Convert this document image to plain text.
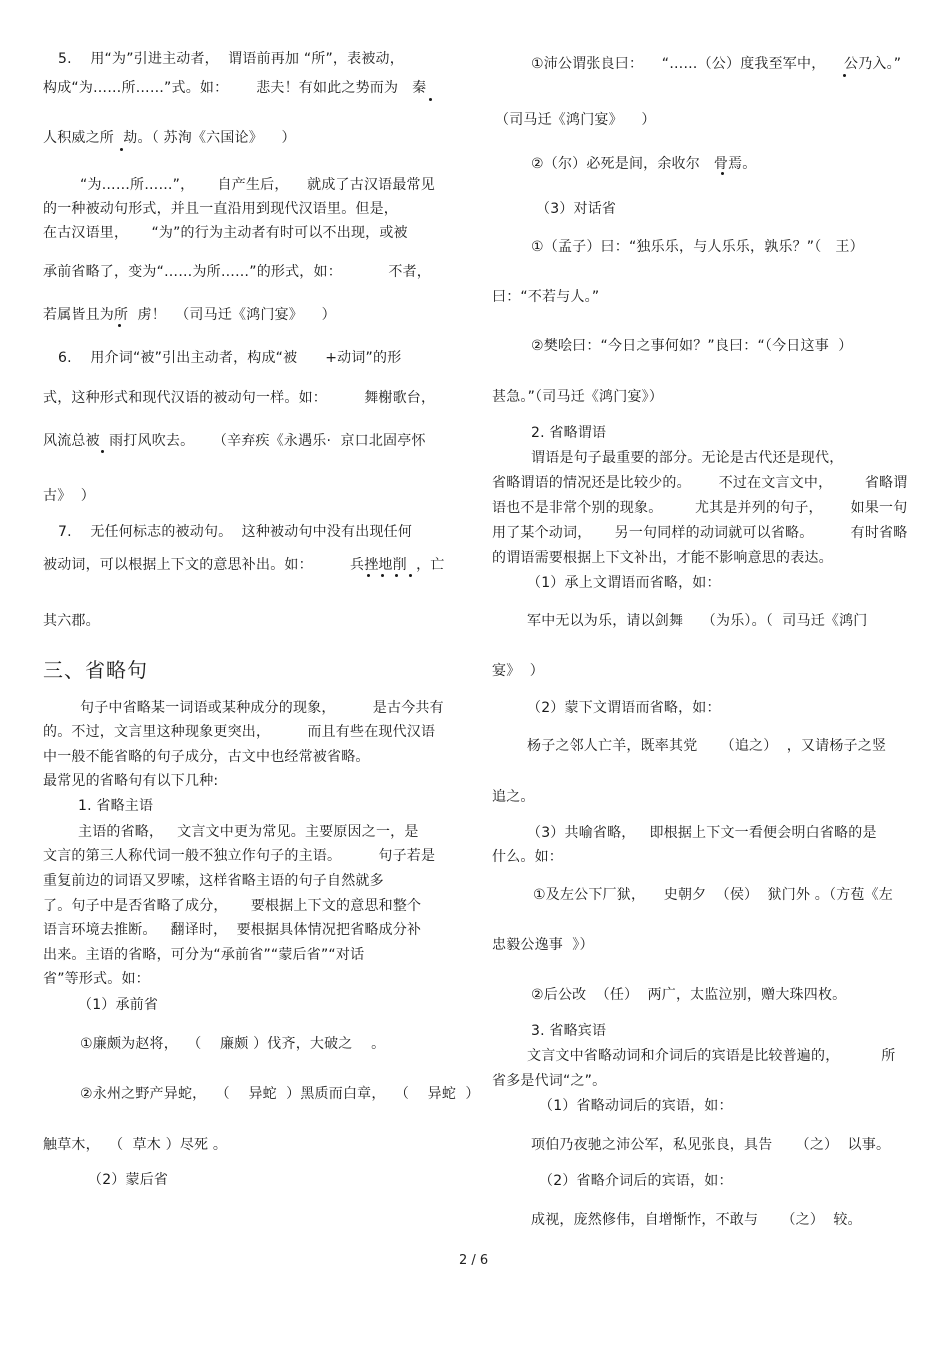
5.    用“为”引进主动者，  谓语前再加 “所”，表被动，
构成“为……所……”式。如：      悲夫！有如此之势而为   秦
人积威之所  劫。（ 苏洵《六国论》    ）
“为……所……”，     自产生后，    就成了古汉语最常见
的一种被动句形式，并且一直沿用到现代汉语里。但是，
在古汉语里，     “为”的行为主动者有时可以不出现，或被
承前省略了，变为“……为所……”的形式，如：          不者，
若属皆且为所  虏！  （司马迁《鸿门宴》    ）
6.    用介词“被”引出主动者，构成“被      +动词”的形
式，这种形式和现代汉语的被动句一样。如：        舞榭歌台，
风流总被  雨打风吹去。    （辛弃疾《永遇乐·  京口北固亭怀
古》  ）
7.    无任何标志的被动句。  这种被动句中没有出现任何
被动词，可以根据上下文的意思补出。如：        兵挫地削  ，亡
其六郡。
三、省略句
句子中省略某一词语或某种成分的现象，        是古今共有
的。不过，文言里这种现象更突出，        而且有些在现代汉语
中一般不能省略的句子成分，古文中也经常被省略。
最常见的省略句有以下几种:
1. 省略主语
主语的省略，   文言文中更为常见。主要原因之一，是
文言的第三人称代词一般不独立作句子的主语。        句子若是
重复前边的词语又罗嗦，这样省略主语的句子自然就多
了。句子中是否省略了成分，     要根据上下文的意思和整个
语言环境去推断。   翻译时，  要根据具体情况把省略成分补
出来。主语的省略，可分为“承前省”“蒙后省”“对话
省”等形式。如：
（1）承前省
①廉颇为赵将，  （    廉颇 ）伐齐，大破之    。
②永州之野产异蛇，  （    异蛇  ）黑质而白章，  （    异蛇  ）
触草木，  （  草木 ）尽死 。
（2）蒙后省
①沛公谓张良曰：    “……（公）度我至军中，    公乃入。”
（司马迁《鸿门宴》    ）
②（尔）必死是间，余收尔   骨焉。
（3）对话省
①（孟子）曰：“独乐乐，与人乐乐，孰乐？”（   王）
曰：“不若与人。”
②樊哙曰：“今日之事何如？”良曰：“（今日这事  ）
甚急。”（司马迁《鸿门宴》）
2. 省略谓语
谓语是句子最重要的部分。无论是古代还是现代，
省略谓语的情况还是比较少的。      不过在文言文中，       省略谓
语也不是非常个别的现象。       尤其是并列的句子，      如果一句
用了某个动词，     另一句同样的动词就可以省略。        有时省略
的谓语需要根据上下文补出，才能不影响意思的表达。
（1）承上文谓语而省略，如：
军中无以为乐，请以剑舞    （为乐）。（  司马迁《鸿门
宴》  ）
（2）蒙下文谓语而省略，如：
杨子之邻人亡羊，既率其党     （追之）  ，又请杨子之竖
追之。
（3）共喻省略，   即根据上下文一看便会明白省略的是
什么。如：
①及左公下厂狱，    史朝夕  （侯）  狱门外 。（方苞《左
忠毅公逸事  》）
②后公改  （任）  两广，太监泣别，赠大珠四枚。
3. 省略宾语
文言文中省略动词和介词后的宾语是比较普遍的，         所
省多是代词“之”。
（1）省略动词后的宾语，如：
项伯乃夜驰之沛公军，私见张良，具告     （之）  以事。
（2）省略介词后的宾语，如：
成视，庞然修伟，自增惭怍，不敢与     （之）  较。
2 / 6
